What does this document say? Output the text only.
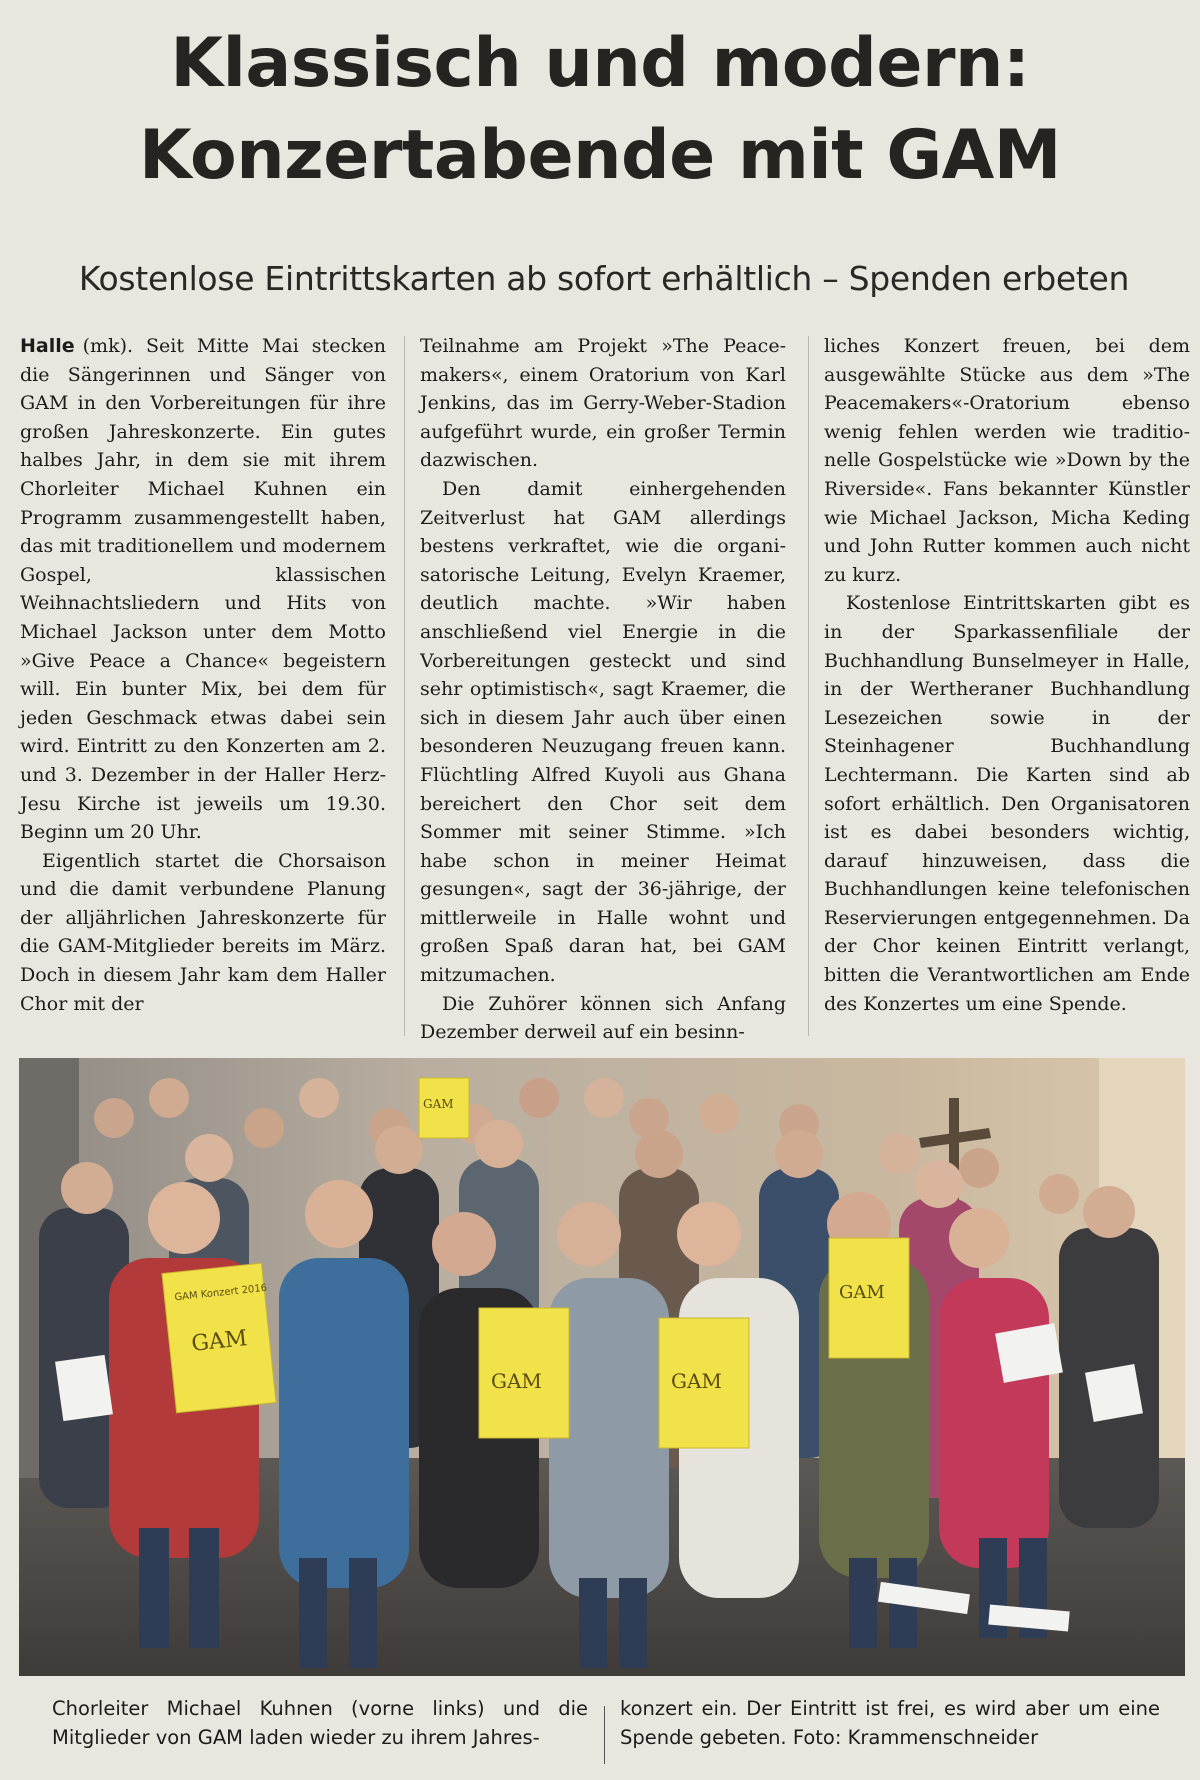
Klassisch und modern:
Konzertabende mit GAM
Kostenlose Eintrittskarten ab sofort erhältlich – Spenden erbeten

Halle (mk). Seit Mitte Mai stecken die Sängerinnen und Sänger von GAM in den Vorbereitungen für ihre großen Jahreskonzerte. Ein gutes halbes Jahr, in dem sie mit ihrem Chorleiter Michael Kuhnen ein Programm zusammengestellt haben, das mit traditionellem und modernem Gospel, klassischen Weihnachtsliedern und Hits von Michael Jackson unter dem Motto »Give Peace a Chance« begeistern will. Ein bunter Mix, bei dem für jeden Geschmack etwas dabei sein wird. Eintritt zu den Konzerten am 2. und 3. Dezember in der Haller Herz-Jesu Kirche ist jeweils um 19.30. Beginn um 20 Uhr.

Eigentlich startet die Chorsaison und die damit verbundene Planung der alljährlichen Jahreskonzerte für die GAM-Mitglieder bereits im März. Doch in diesem Jahr kam dem Haller Chor mit der

Teilnahme am Projekt »The Peacemakers«, einem Oratorium von Karl Jenkins, das im Gerry-Weber-Stadion aufgeführt wurde, ein großer Termin dazwischen.

Den damit einhergehenden Zeitverlust hat GAM allerdings bestens verkraftet, wie die organisatorische Leitung, Evelyn Kraemer, deutlich machte. »Wir haben anschließend viel Energie in die Vorbereitungen gesteckt und sind sehr optimistisch«, sagt Kraemer, die sich in diesem Jahr auch über einen besonderen Neuzugang freuen kann. Flüchtling Alfred Kuyoli aus Ghana bereichert den Chor seit dem Sommer mit seiner Stimme. »Ich habe schon in meiner Heimat gesungen«, sagt der 36-jährige, der mittlerweile in Halle wohnt und großen Spaß daran hat, bei GAM mitzumachen.

Die Zuhörer können sich Anfang Dezember derweil auf ein besinn-

liches Konzert freuen, bei dem ausgewählte Stücke aus dem »The Peacemakers«-Oratorium ebenso wenig fehlen werden wie traditionelle Gospelstücke wie »Down by the Riverside«. Fans bekannter Künstler wie Michael Jackson, Micha Keding und John Rutter kommen auch nicht zu kurz.

Kostenlose Eintrittskarten gibt es in der Sparkassenfiliale der Buchhandlung Bunselmeyer in Halle, in der Wertheraner Buchhandlung Lesezeichen sowie in der Steinhagener Buchhandlung Lechtermann. Die Karten sind ab sofort erhältlich. Den Organisatoren ist es dabei besonders wichtig, darauf hinzuweisen, dass die Buchhandlungen keine telefonischen Reservierungen entgegennehmen. Da der Chor keinen Eintritt verlangt, bitten die Verantwortlichen am Ende des Konzertes um eine Spende.

GAM
GAM Konzert 2016
GAM	GAM
GAM
GAM
Chorleiter Michael Kuhnen (vorne links) und die Mitglieder von GAM laden wieder zu ihrem Jahres-
konzert ein. Der Eintritt ist frei, es wird aber um eine Spende gebeten. Foto: Krammenschneider
